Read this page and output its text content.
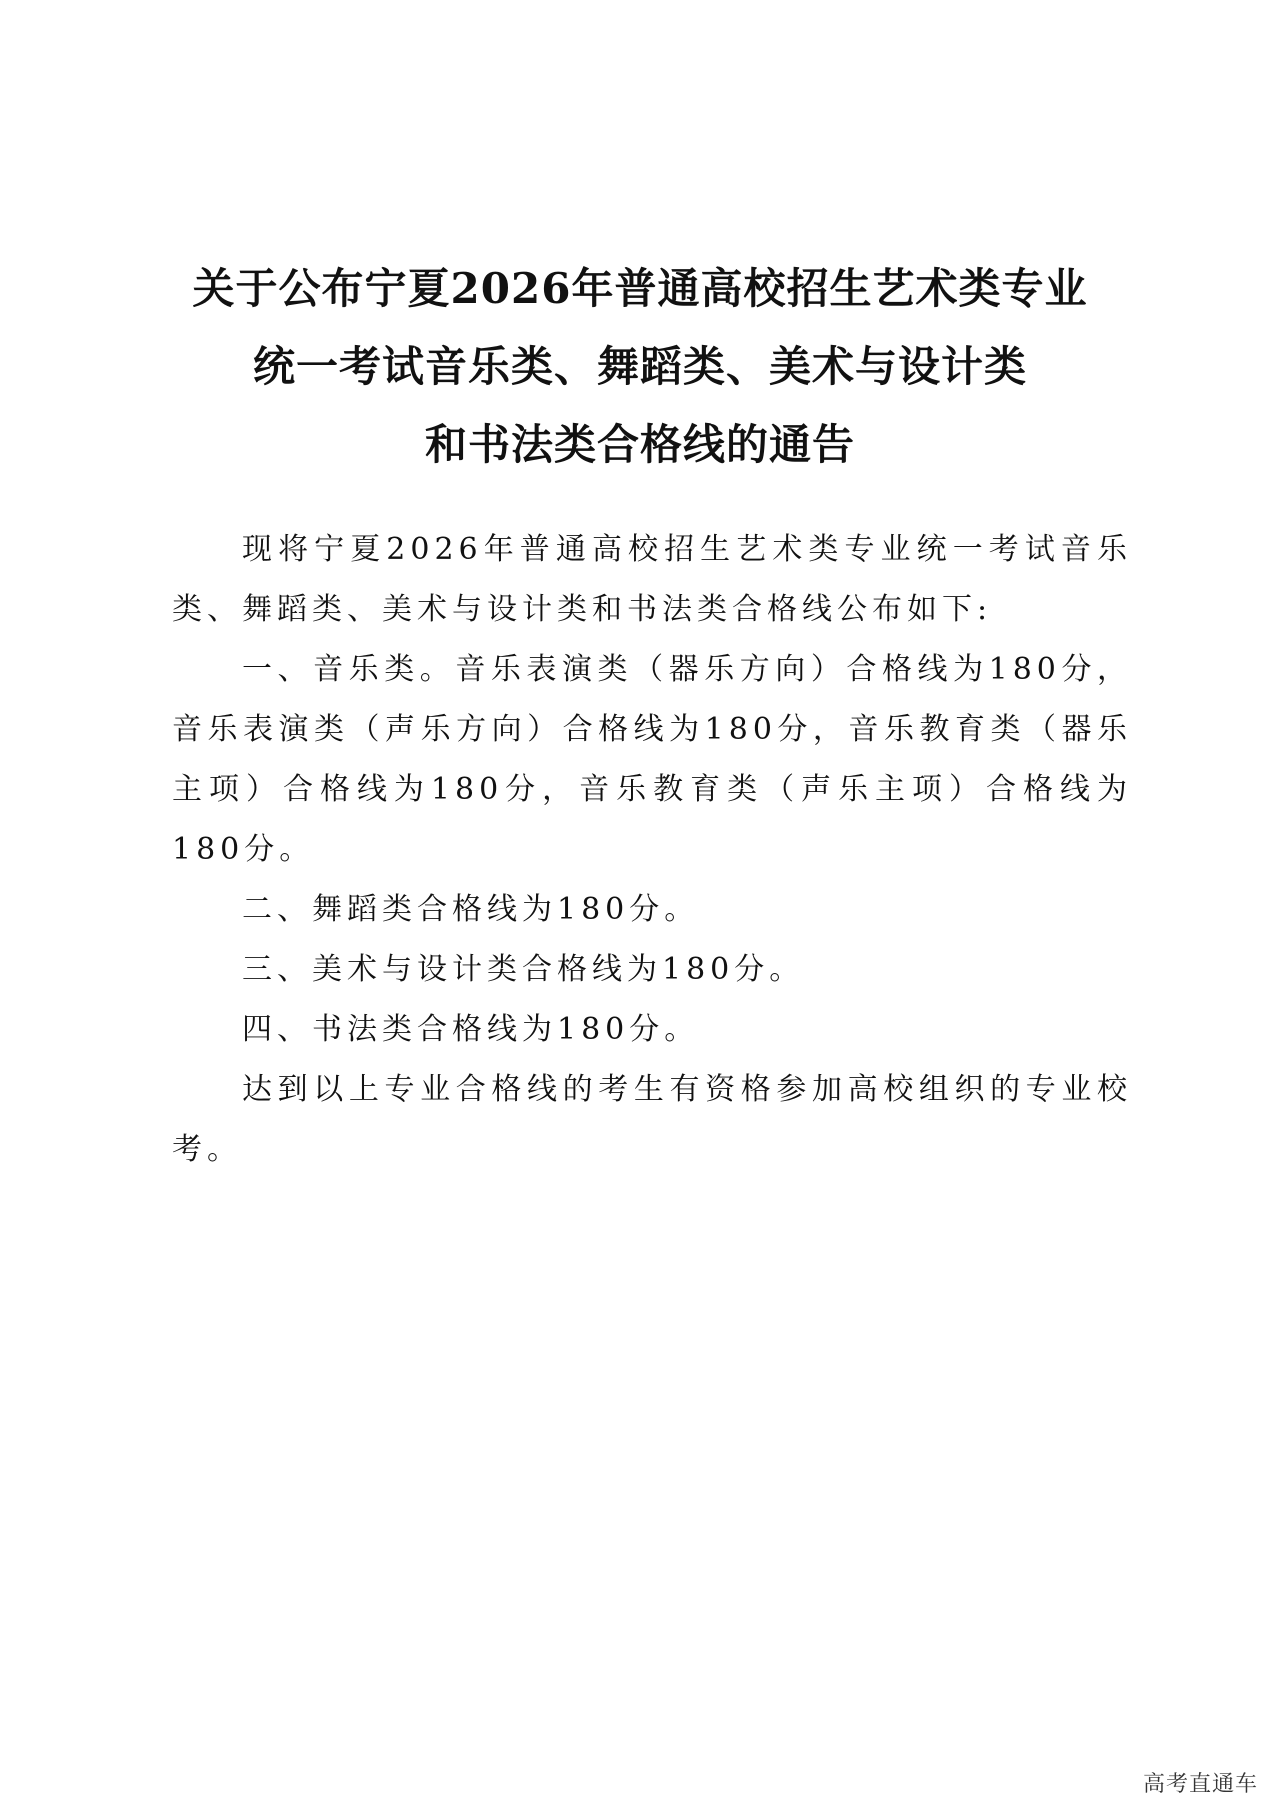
关于公布宁夏2026年普通高校招生艺术类专业
统一考试音乐类、舞蹈类、美术与设计类
和书法类合格线的通告

现将宁夏2026年普通高校招生艺术类专业统一考试音乐类、舞蹈类、美术与设计类和书法类合格线公布如下:

一、音乐类。音乐表演类（器乐方向）合格线为180分，音乐表演类（声乐方向）合格线为180分，音乐教育类（器乐主项）合格线为180分，音乐教育类（声乐主项）合格线为180分。

二、舞蹈类合格线为180分。

三、美术与设计类合格线为180分。

四、书法类合格线为180分。

达到以上专业合格线的考生有资格参加高校组织的专业校考。

高考直通车
